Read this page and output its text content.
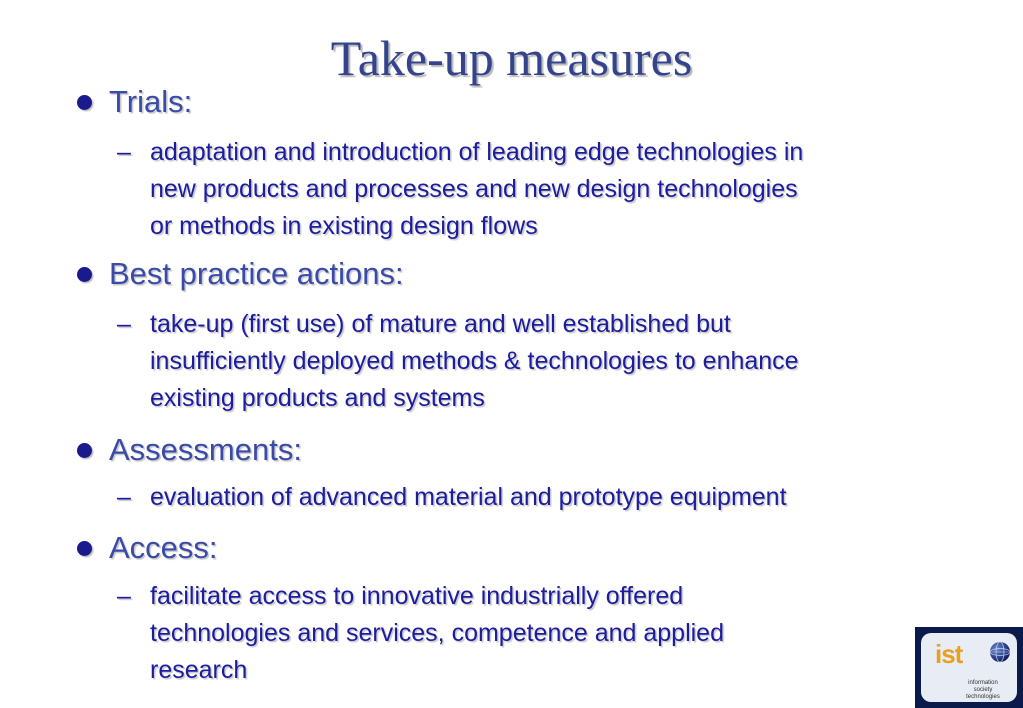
Take-up measures
Trials:
– adaptation and introduction of leading edge technologies in
new products and processes and new design technologies
or methods in existing design flows
Best practice actions:
– take-up (first use) of mature and well established but
insufficiently deployed methods & technologies to enhance
existing products and systems
Assessments:
– evaluation of advanced material and prototype equipment
Access:
– facilitate access to innovative industrially offered
technologies and services, competence and applied
research
ist
information
society
technologies
